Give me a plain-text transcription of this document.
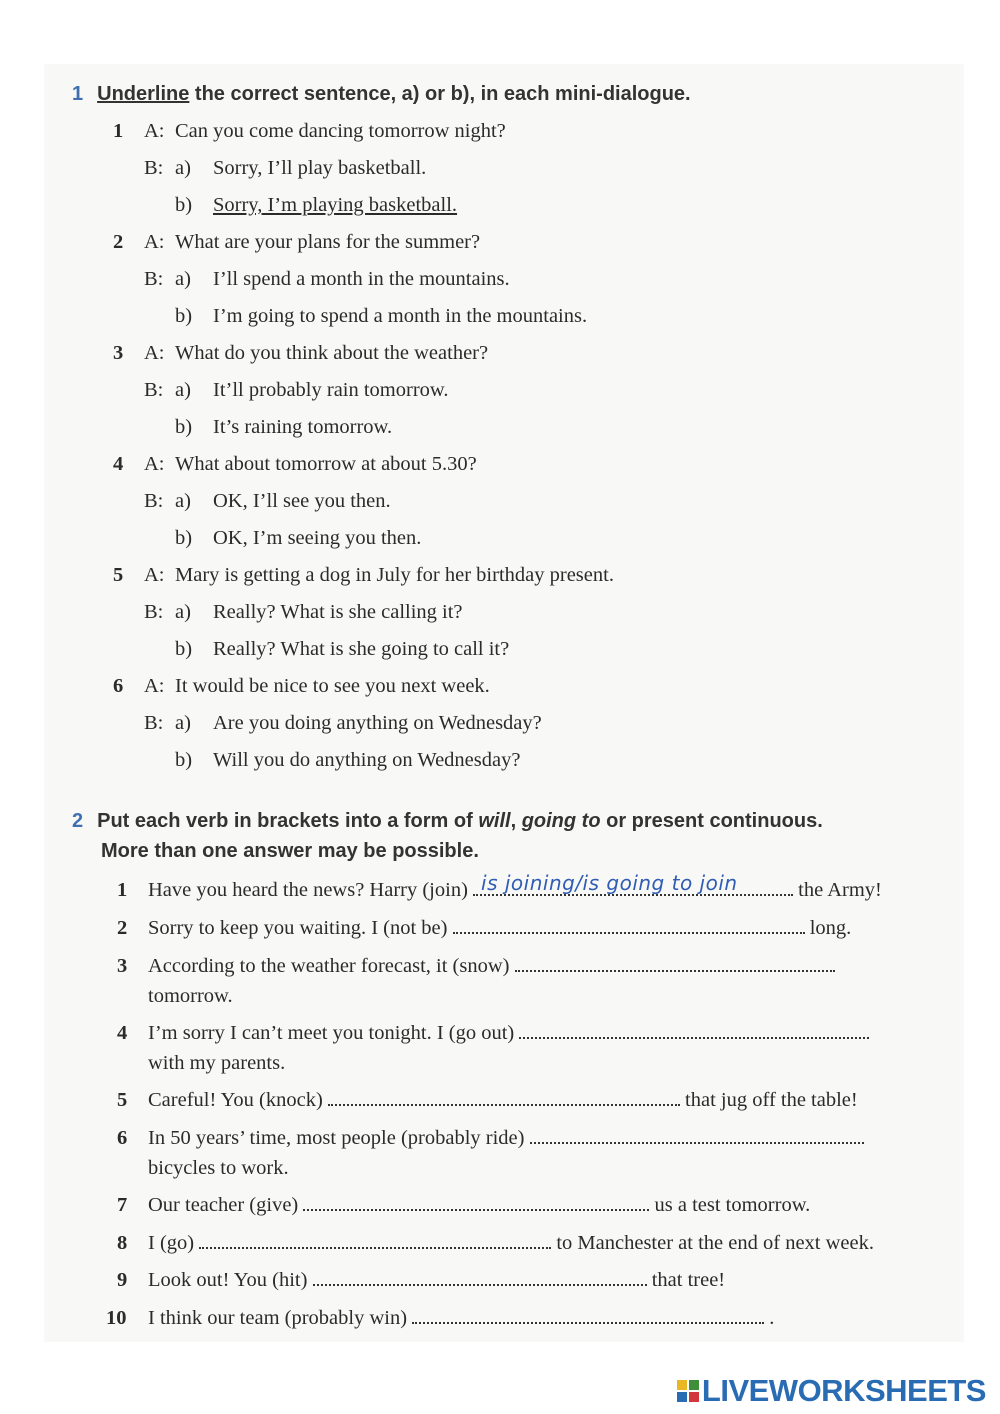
1 Underline the correct sentence, a) or b), in each mini-dialogue.
1 A: Can you come dancing tomorrow night?
B: a) Sorry, I’ll play basketball.
b) Sorry, I’m playing basketball.
2 A: What are your plans for the summer?
B: a) I’ll spend a month in the mountains.
b) I’m going to spend a month in the mountains.
3 A: What do you think about the weather?
B: a) It’ll probably rain tomorrow.
b) It’s raining tomorrow.
4 A: What about tomorrow at about 5.30?
B: a) OK, I’ll see you then.
b) OK, I’m seeing you then.
5 A: Mary is getting a dog in July for her birthday present.
B: a) Really? What is she calling it?
b) Really? What is she going to call it?
6 A: It would be nice to see you next week.
B: a) Are you doing anything on Wednesday?
b) Will you do anything on Wednesday?
2 Put each verb in brackets into a form of will, going to or present continuous.
More than one answer may be possible.
1 Have you heard the news? Harry (join) is joining/is going to join	the Army!
2 Sorry to keep you waiting. I (not be)	long.
3 According to the weather forecast, it (snow)
tomorrow.
4 I’m sorry I can’t meet you tonight. I (go out)
with my parents.
5 Careful! You (knock)	that jug off the table!
6 In 50 years’ time, most people (probably ride)
bicycles to work.
7 Our teacher (give)	us a test tomorrow.
8 I (go)	to Manchester at the end of next week.
9 Look out! You (hit)	that tree!
10 I think our team (probably win)	.
LIVEWORKSHEETS
